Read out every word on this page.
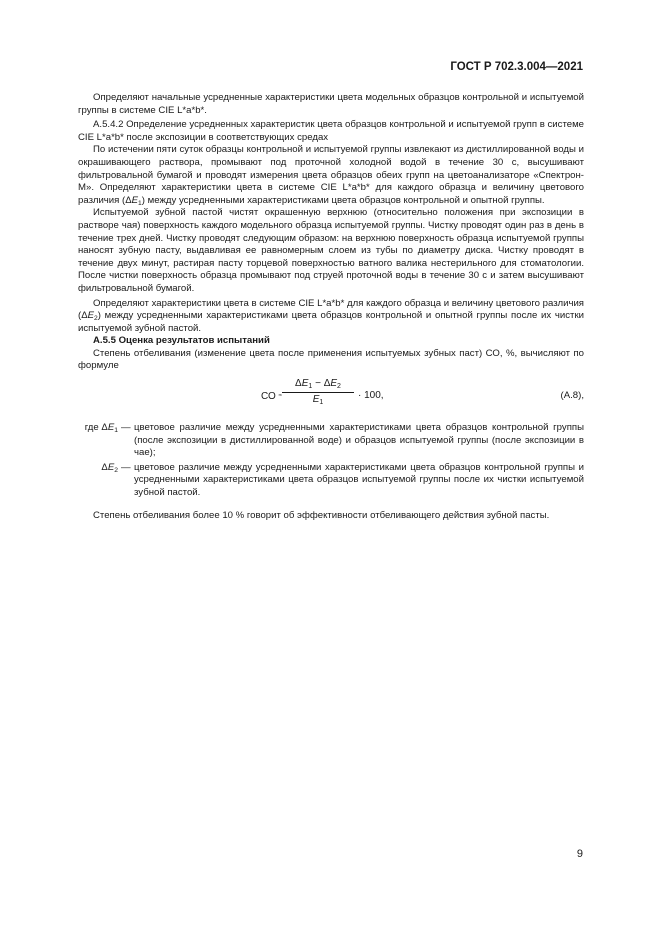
ГОСТ Р 702.3.004—2021

Определяют начальные усредненные характеристики цвета модельных образцов контрольной и испытуемой группы в системе CIE L*a*b*.

А.5.4.2 Определение усредненных характеристик цвета образцов контрольной и испытуемой групп в системе CIE L*a*b* после экспозиции в соответствующих средах

По истечении пяти суток образцы контрольной и испытуемой группы извлекают из дистиллированной воды и окрашивающего раствора, промывают под проточной холодной водой в течение 30 с, высушивают фильтровальной бумагой и проводят измерения цвета образцов обеих групп на цветоанализаторе «Спектрон-М». Определяют характеристики цвета в системе CIE L*a*b* для каждого образца и величину цветового различия $(\Delta E_1)$ между усредненными характеристиками цвета образцов контрольной и опытной группы.

Испытуемой зубной пастой чистят окрашенную верхнюю (относительно положения при экспозиции в растворе чая) поверхность каждого модельного образца испытуемой группы. Чистку проводят один раз в день в течение трех дней. Чистку проводят следующим образом: на верхнюю поверхность образца испытуемой группы наносят зубную пасту, выдавливая ее равномерным слоем из тубы по диаметру диска. Чистку проводят в течение двух минут, растирая пасту торцевой поверхностью ватного валика нестерильного для стоматологии. После чистки поверхность образца промывают под струей проточной воды в течение 30 с и затем высушивают фильтровальной бумагой.

Определяют характеристики цвета в системе CIE L*a*b* для каждого образца и величину цветового различия $(\Delta E_2)$ между усредненными характеристиками цвета образцов контрольной и опытной группы после их чистки испытуемой зубной пастой.

А.5.5 Оценка результатов испытаний

Степень отбеливания (изменение цвета после применения испытуемых зубных паст) СО, %, вычисляют по формуле

СО ≈ $\frac{\Delta E_1 - \Delta E_2}{E_1} \cdot 100$,	(А.8),
где $\Delta E_1$ — цветовое различие между усредненными характеристиками цвета образцов контрольной группы (после экспозиции в дистиллированной воде) и образцов испытуемой группы (после экспозиции в чае);
$\Delta E_2$ — цветовое различие между усредненными характеристиками цвета образцов контрольной группы и усредненными характеристиками цвета образцов испытуемой группы после их чистки испытуемой зубной пастой.

Степень отбеливания более 10 % говорит об эффективности отбеливающего действия зубной пасты.

9
